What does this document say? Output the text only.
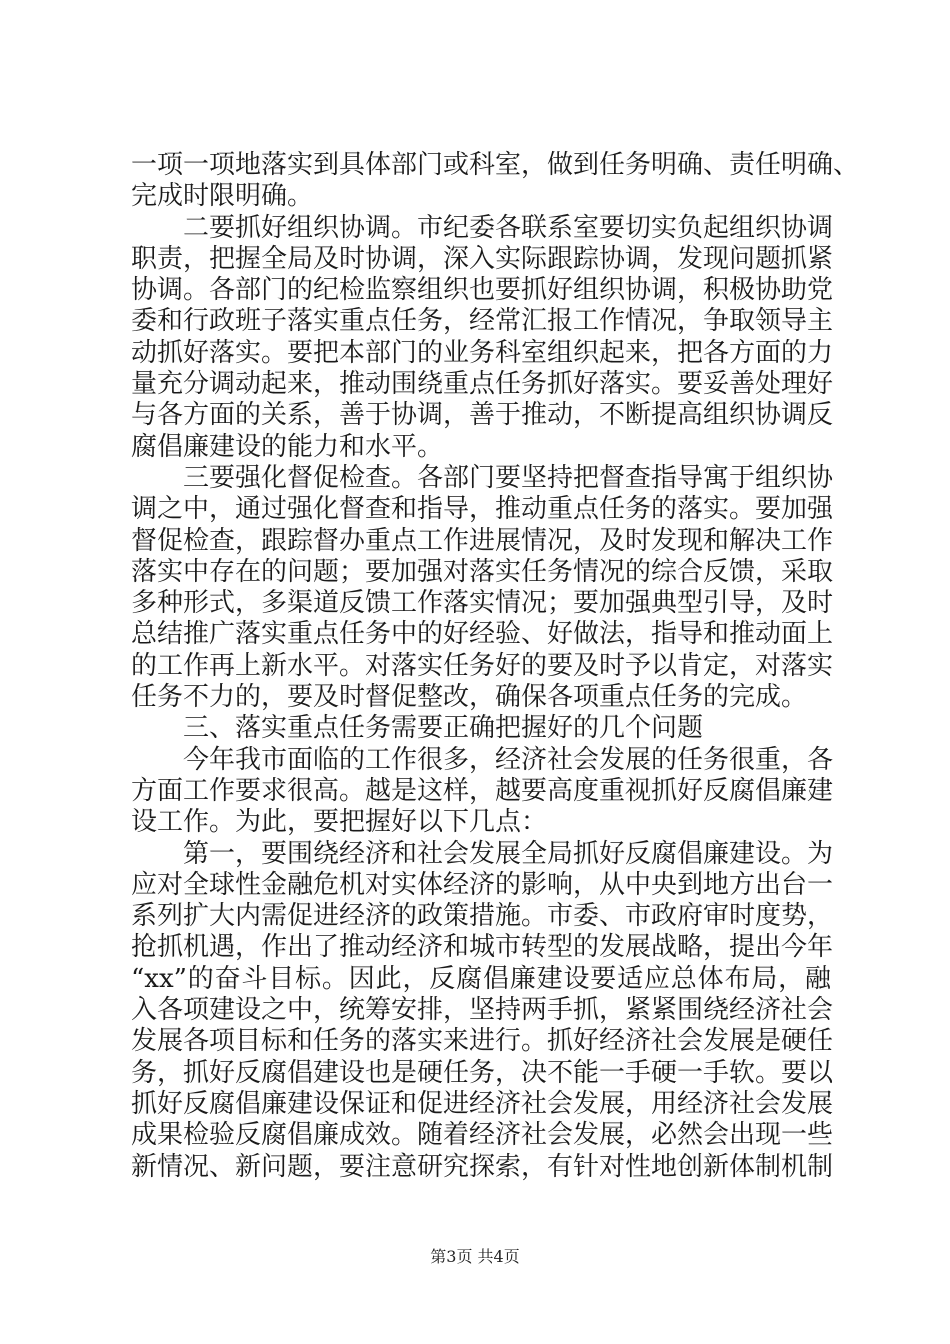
一项一项地落实到具体部门或科室，做到任务明确、责任明确、
完成时限明确。
二要抓好组织协调。市纪委各联系室要切实负起组织协调
职责，把握全局及时协调，深入实际跟踪协调，发现问题抓紧
协调。各部门的纪检监察组织也要抓好组织协调，积极协助党
委和行政班子落实重点任务，经常汇报工作情况，争取领导主
动抓好落实。要把本部门的业务科室组织起来，把各方面的力
量充分调动起来，推动围绕重点任务抓好落实。要妥善处理好
与各方面的关系，善于协调，善于推动，不断提高组织协调反
腐倡廉建设的能力和水平。
三要强化督促检查。各部门要坚持把督查指导寓于组织协
调之中，通过强化督查和指导，推动重点任务的落实。要加强
督促检查，跟踪督办重点工作进展情况，及时发现和解决工作
落实中存在的问题；要加强对落实任务情况的综合反馈，采取
多种形式，多渠道反馈工作落实情况；要加强典型引导，及时
总结推广落实重点任务中的好经验、好做法，指导和推动面上
的工作再上新水平。对落实任务好的要及时予以肯定，对落实
任务不力的，要及时督促整改，确保各项重点任务的完成。
三、落实重点任务需要正确把握好的几个问题
今年我市面临的工作很多，经济社会发展的任务很重，各
方面工作要求很高。越是这样，越要高度重视抓好反腐倡廉建
设工作。为此，要把握好以下几点：
第一，要围绕经济和社会发展全局抓好反腐倡廉建设。为
应对全球性金融危机对实体经济的影响，从中央到地方出台一
系列扩大内需促进经济的政策措施。市委、市政府审时度势，
抢抓机遇，作出了推动经济和城市转型的发展战略，提出今年
“xx”的奋斗目标。因此，反腐倡廉建设要适应总体布局，融
入各项建设之中，统筹安排，坚持两手抓，紧紧围绕经济社会
发展各项目标和任务的落实来进行。抓好经济社会发展是硬任
务，抓好反腐倡建设也是硬任务，决不能一手硬一手软。要以
抓好反腐倡廉建设保证和促进经济社会发展，用经济社会发展
成果检验反腐倡廉成效。随着经济社会发展，必然会出现一些
新情况、新问题，要注意研究探索，有针对性地创新体制机制
第3页 共4页
